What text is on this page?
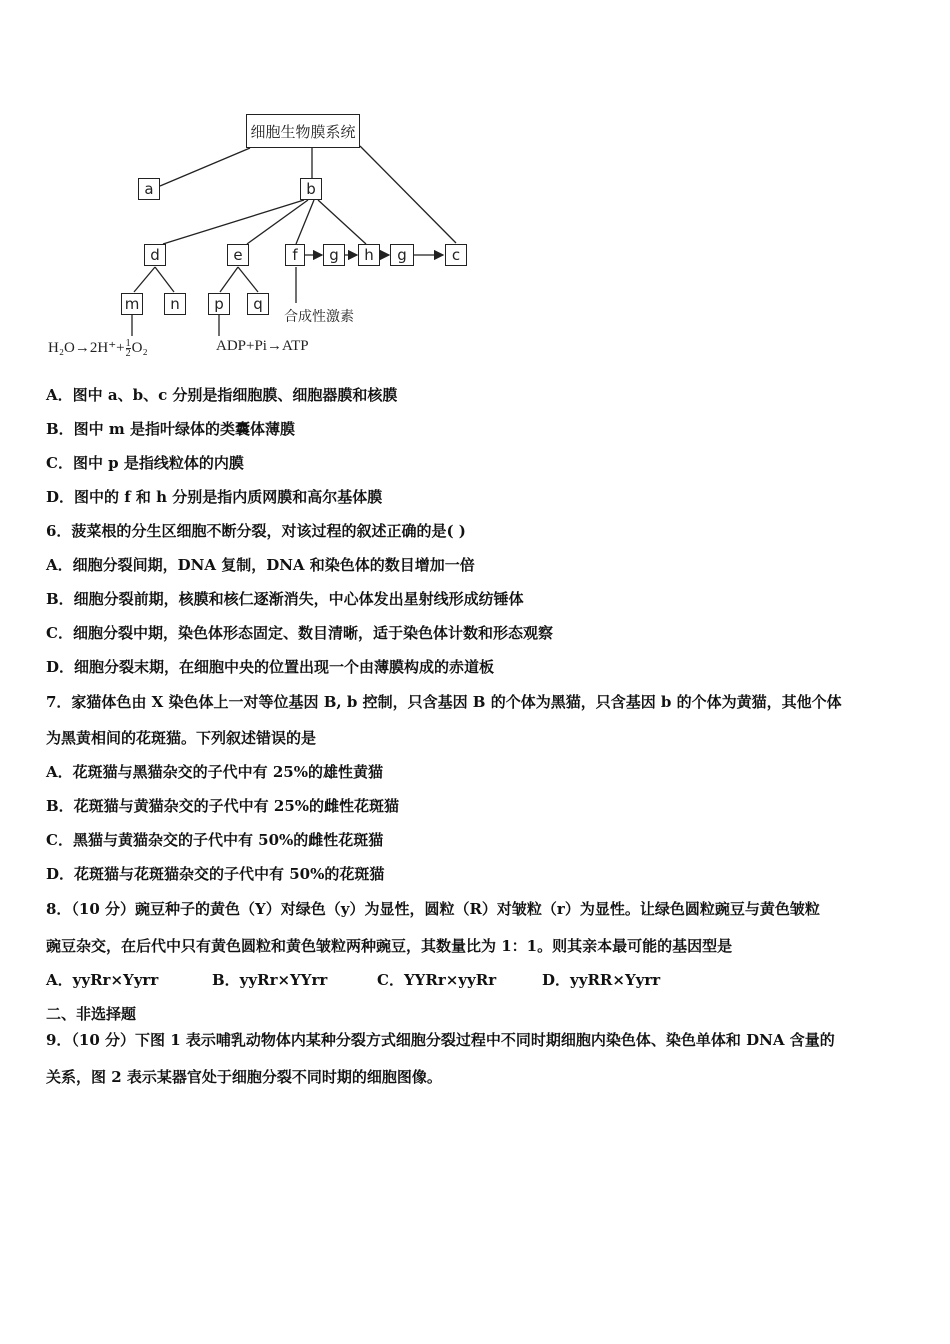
细胞生物膜系统
a	b
d	e	f	g	h	g	c
m	n	p	q
合成性激素
$H_2O\to 2H^++\frac{1}{2} O_2$	ADP+Pi→ATP
A．图中 a、b、c 分别是指细胞膜、细胞器膜和核膜
B．图中 m 是指叶绿体的类囊体薄膜
C．图中 p 是指线粒体的内膜
D．图中的 f 和 h 分别是指内质网膜和高尔基体膜
6．菠菜根的分生区细胞不断分裂，对该过程的叙述正确的是( )
A．细胞分裂间期，DNA 复制，DNA 和染色体的数目增加一倍
B．细胞分裂前期，核膜和核仁逐渐消失，中心体发出星射线形成纺锤体
C．细胞分裂中期，染色体形态固定、数目清晰，适于染色体计数和形态观察
D．细胞分裂末期，在细胞中央的位置出现一个由薄膜构成的赤道板
7．家猫体色由 X 染色体上一对等位基因 B, b 控制，只含基因 B 的个体为黑猫，只含基因 b 的个体为黄猫，其他个体
为黑黄相间的花斑猫。下列叙述错误的是
A．花斑猫与黑猫杂交的子代中有 25%的雄性黄猫
B．花斑猫与黄猫杂交的子代中有 25%的雌性花斑猫
C．黑猫与黄猫杂交的子代中有 50%的雌性花斑猫
D．花斑猫与花斑猫杂交的子代中有 50%的花斑猫
8．（10 分）豌豆种子的黄色（Y）对绿色（y）为显性，圆粒（R）对皱粒（r）为显性。让绿色圆粒豌豆与黄色皱粒
豌豆杂交，在后代中只有黄色圆粒和黄色皱粒两种豌豆，其数量比为 1：1。则其亲本最可能的基因型是
A．yyRr×Yyrr	B．yyRr×YYrr	C．YYRr×yyRr	D．yyRR×Yyrr
二、非选择题
9．（10 分）下图 1 表示哺乳动物体内某种分裂方式细胞分裂过程中不同时期细胞内染色体、染色单体和 DNA 含量的
关系，图 2 表示某器官处于细胞分裂不同时期的细胞图像。
